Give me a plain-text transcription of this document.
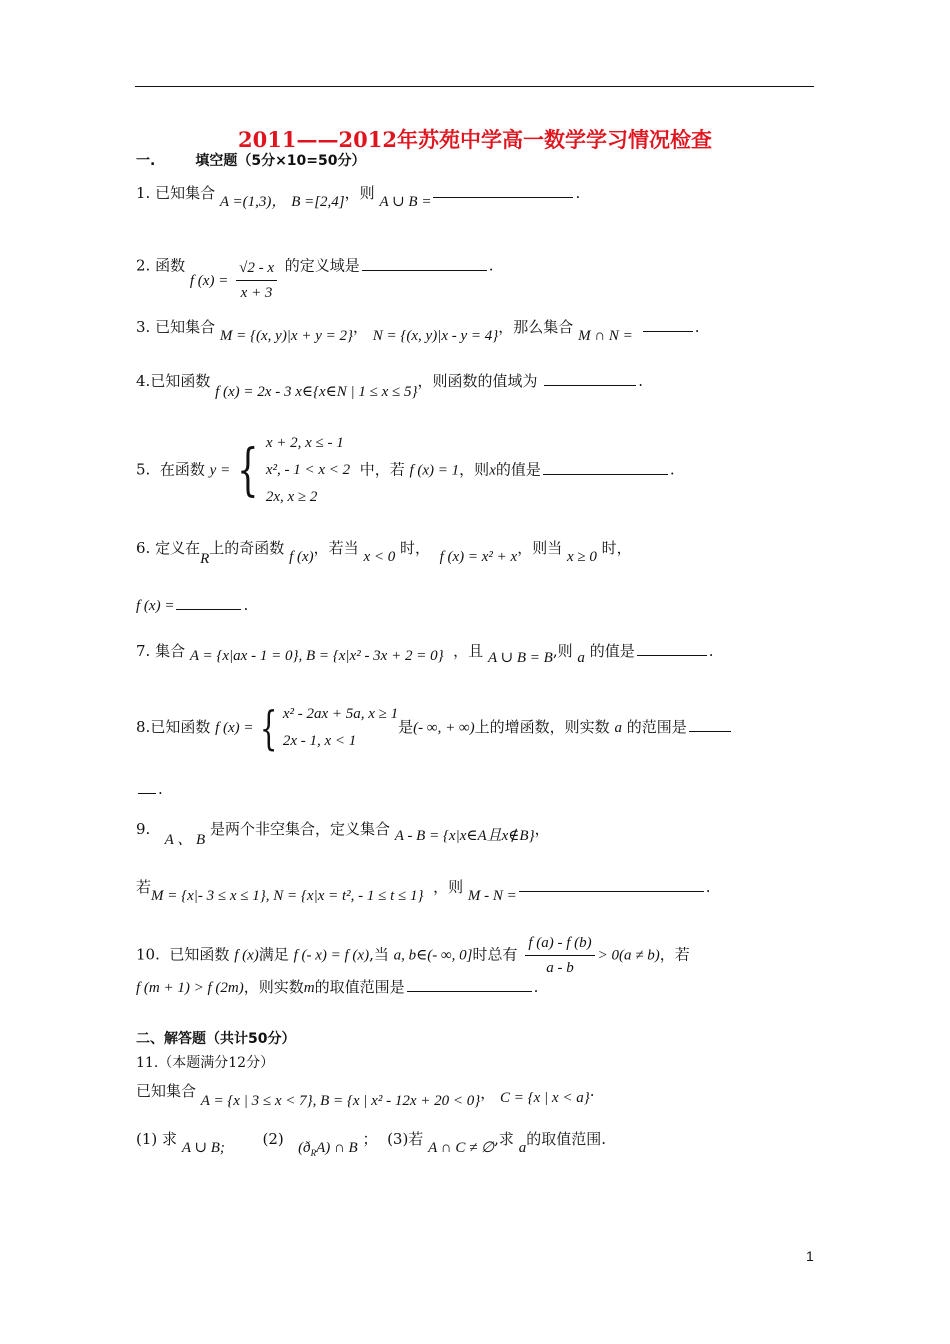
2011——2012年苏苑中学高一数学学习情况检查
一.	填空题（5分×10=50分）
1. 已知集合 A =(1,3)， B =[2,4]，则 A ∪ B =	.
2. 函数 f $(x) = \frac{√2 - x}{x + 3}$ 的定义域是	.
3. 已知集合 M = {(x, y)|x + y = 2}， N = {(x, y)|x - y = 4}，那么集合 M ∩ N =	.
4.已知函数 f (x) = 2x - 3 x∈{x∈N | 1 ≤ x ≤ 5}，则函数的值域为	.
5. 在函数 y = { x + 2, x ≤ - 1
x², - 1 < x < 2
2x, x ≥ 2
中，若 f (x) = 1，则x的值是	.
6. 定义在R上的奇函数 f (x)，若当 x < 0 时， f (x) = x² + x，则当 x ≥ 0 时，
f (x) =	.
7. 集合 A = {x|ax - 1 = 0}, B = {x|x² - 3x + 2 = 0} ，且 A ∪ B = B,则 a 的值是	.
8.已知函数 f (x) = { x² - 2ax + 5a, x ≥ 1
2x - 1, x < 1
是(- ∞, + ∞)上的增函数，则实数 a 的范围是
.
9.   A 、 B 是两个非空集合，定义集合 A - B = {x|x∈A且x∉B}，
若M = {x|- 3 ≤ x ≤ 1}, N = {x|x = t², - 1 ≤ t ≤ 1} ，则 M - N =	.
10. 已知函数 f (x)满足 f (- x) = f (x),当 a, b∈(- ∞, 0]时总有 $\frac{f (a) - f (b)}{a - b} > 0(a \ne b)$，若
f (m + 1) > f (2m)，则实数m的取值范围是	.
二、解答题（共计50分）
11.（本题满分12分）
已知集合 A = {x | 3 ≤ x < 7}, B = {x | x² - 12x + 20 < 0}， C = {x | x < a}.
(1) 求 A ∪ B;	(2) $(ð_RA)$ ∩ B ； (3)若 A ∩ C ≠ ∅,求 a的取值范围.
1
